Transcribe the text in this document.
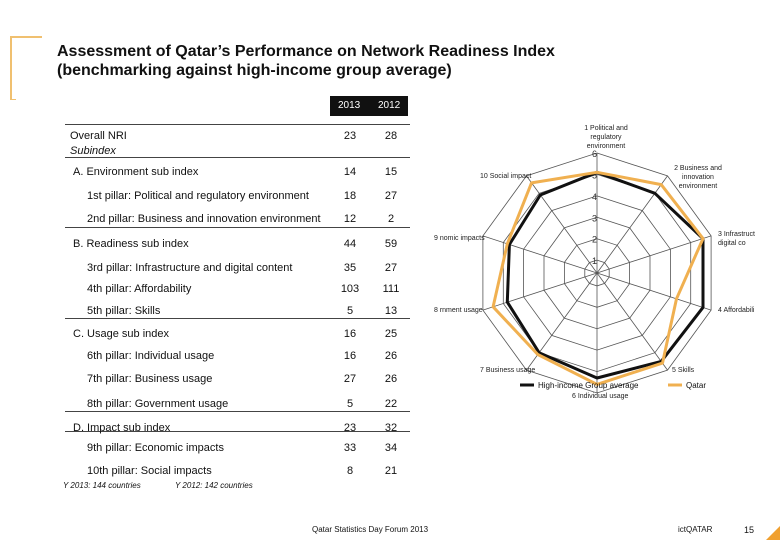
Assessment of Qatar’s Performance on Network Readiness Index
(benchmarking against high-income group average)
2013 2012
Overall NRI	23	28
Subindex
A. Environment sub index	14	15
1st pillar: Political and regulatory environment	18	27
2nd pillar: Business and innovation environment	12	2
B. Readiness sub index	44	59
3rd pillar: Infrastructure and digital content	35	27
4th pillar: Affordability	103	111
5th pillar: Skills	5	13
C. Usage sub index	16	25
6th pillar: Individual usage	16	26
7th pillar: Business usage	27	26
8th pillar: Government usage	5	22
D. Impact sub index	23	32
9th pillar: Economic impacts	33	34
10th pillar: Social impacts	8	21
Y 2013: 144 countries	Y 2012: 142 countries
1
2
3
4
5
6
1 Political and
regulatory
environment
2 Business and
innovation
environment
3 Infrastruct
digital co
4 Affordabili
5 Skills
6 Individual usage
7 Business usage
8 rnment usage
9 nomic impacts
10 Social impact
High-income Group average	Qatar
Qatar Statistics Day Forum 2013	ictQATAR	15
